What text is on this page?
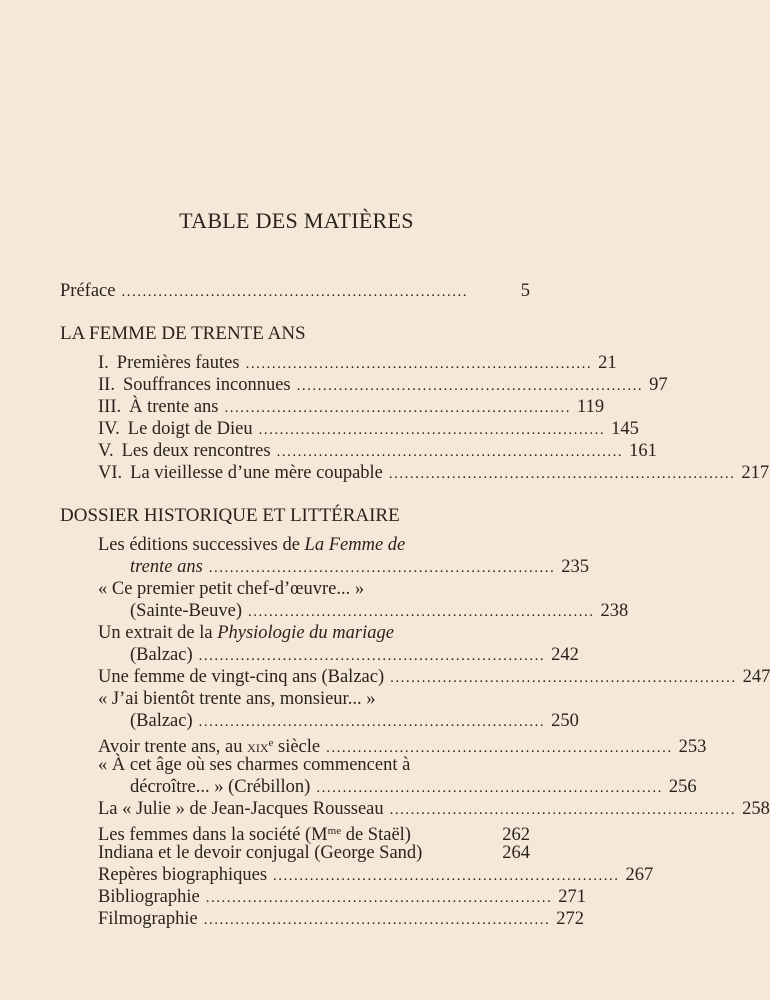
TABLE DES MATIÈRES
Préface ..................................................................	5
LA FEMME DE TRENTE ANS
I. Premières fautes .................................................................. 21
II. Souffrances inconnues .................................................................. 97
III. À trente ans .................................................................. 119
IV. Le doigt de Dieu .................................................................. 145
V. Les deux rencontres .................................................................. 161
VI. La vieillesse d’une mère coupable .................................................................. 217
DOSSIER HISTORIQUE ET LITTÉRAIRE
Les éditions successives de La Femme de
trente ans .................................................................. 235
« Ce premier petit chef-d’œuvre... »
(Sainte-Beuve) .................................................................. 238
Un extrait de la Physiologie du mariage
(Balzac) .................................................................. 242
Une femme de vingt-cinq ans (Balzac) .................................................................. 247
« J’ai bientôt trente ans, monsieur... »
(Balzac) .................................................................. 250
Avoir trente ans, au xix$^e$ siècle .................................................................. 253
« À cet âge où ses charmes commencent à
décroître... » (Crébillon) .................................................................. 256
La « Julie » de Jean-Jacques Rousseau .................................................................. 258
Les femmes dans la société ($M^{me}$ de Staël)	262
Indiana et le devoir conjugal (George Sand)	264
Repères biographiques .................................................................. 267
Bibliographie .................................................................. 271
Filmographie .................................................................. 272
